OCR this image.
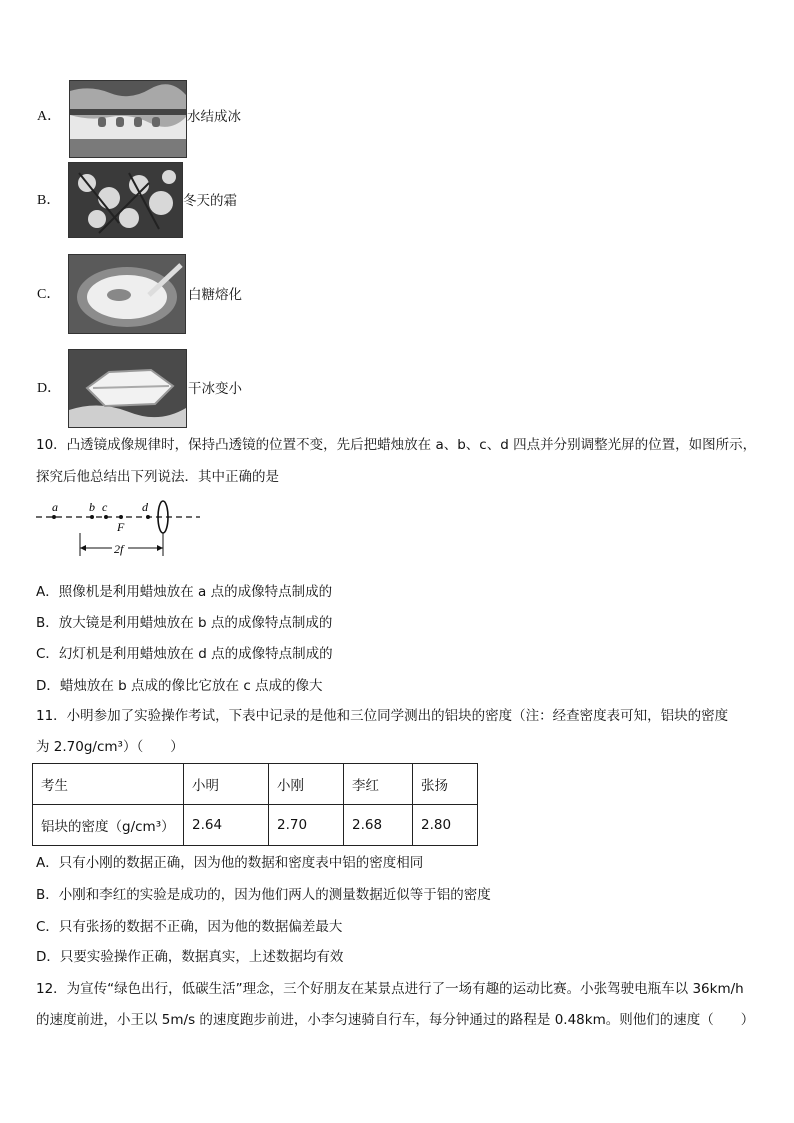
A．	水结成冰
B．	冬天的霜
C．	白糖熔化
D．	干冰变小
10．凸透镜成像规律时，保持凸透镜的位置不变，先后把蜡烛放在 a、b、c、d 四点并分别调整光屏的位置，如图所示，
探究后他总结出下列说法．其中正确的是
a	b c	d
F
2f
A．照像机是利用蜡烛放在 a 点的成像特点制成的
B．放大镜是利用蜡烛放在 b 点的成像特点制成的
C．幻灯机是利用蜡烛放在 d 点的成像特点制成的
D．蜡烛放在 b 点成的像比它放在 c 点成的像大
11．小明参加了实验操作考试，下表中记录的是他和三位同学测出的铝块的密度（注：经查密度表可知，铝块的密度
为 2.70g/cm³）（　　）
考生	小明	小刚	李红	张扬
铝块的密度（g/cm³）	2.64	2.70	2.68	2.80
A．只有小刚的数据正确，因为他的数据和密度表中铝的密度相同
B．小刚和李红的实验是成功的，因为他们两人的测量数据近似等于铝的密度
C．只有张扬的数据不正确，因为他的数据偏差最大
D．只要实验操作正确，数据真实，上述数据均有效
12．为宣传“绿色出行，低碳生活”理念，三个好朋友在某景点进行了一场有趣的运动比赛。小张驾驶电瓶车以 36km/h
的速度前进，小王以 5m/s 的速度跑步前进，小李匀速骑自行车，每分钟通过的路程是 0.48km。则他们的速度（　　）
